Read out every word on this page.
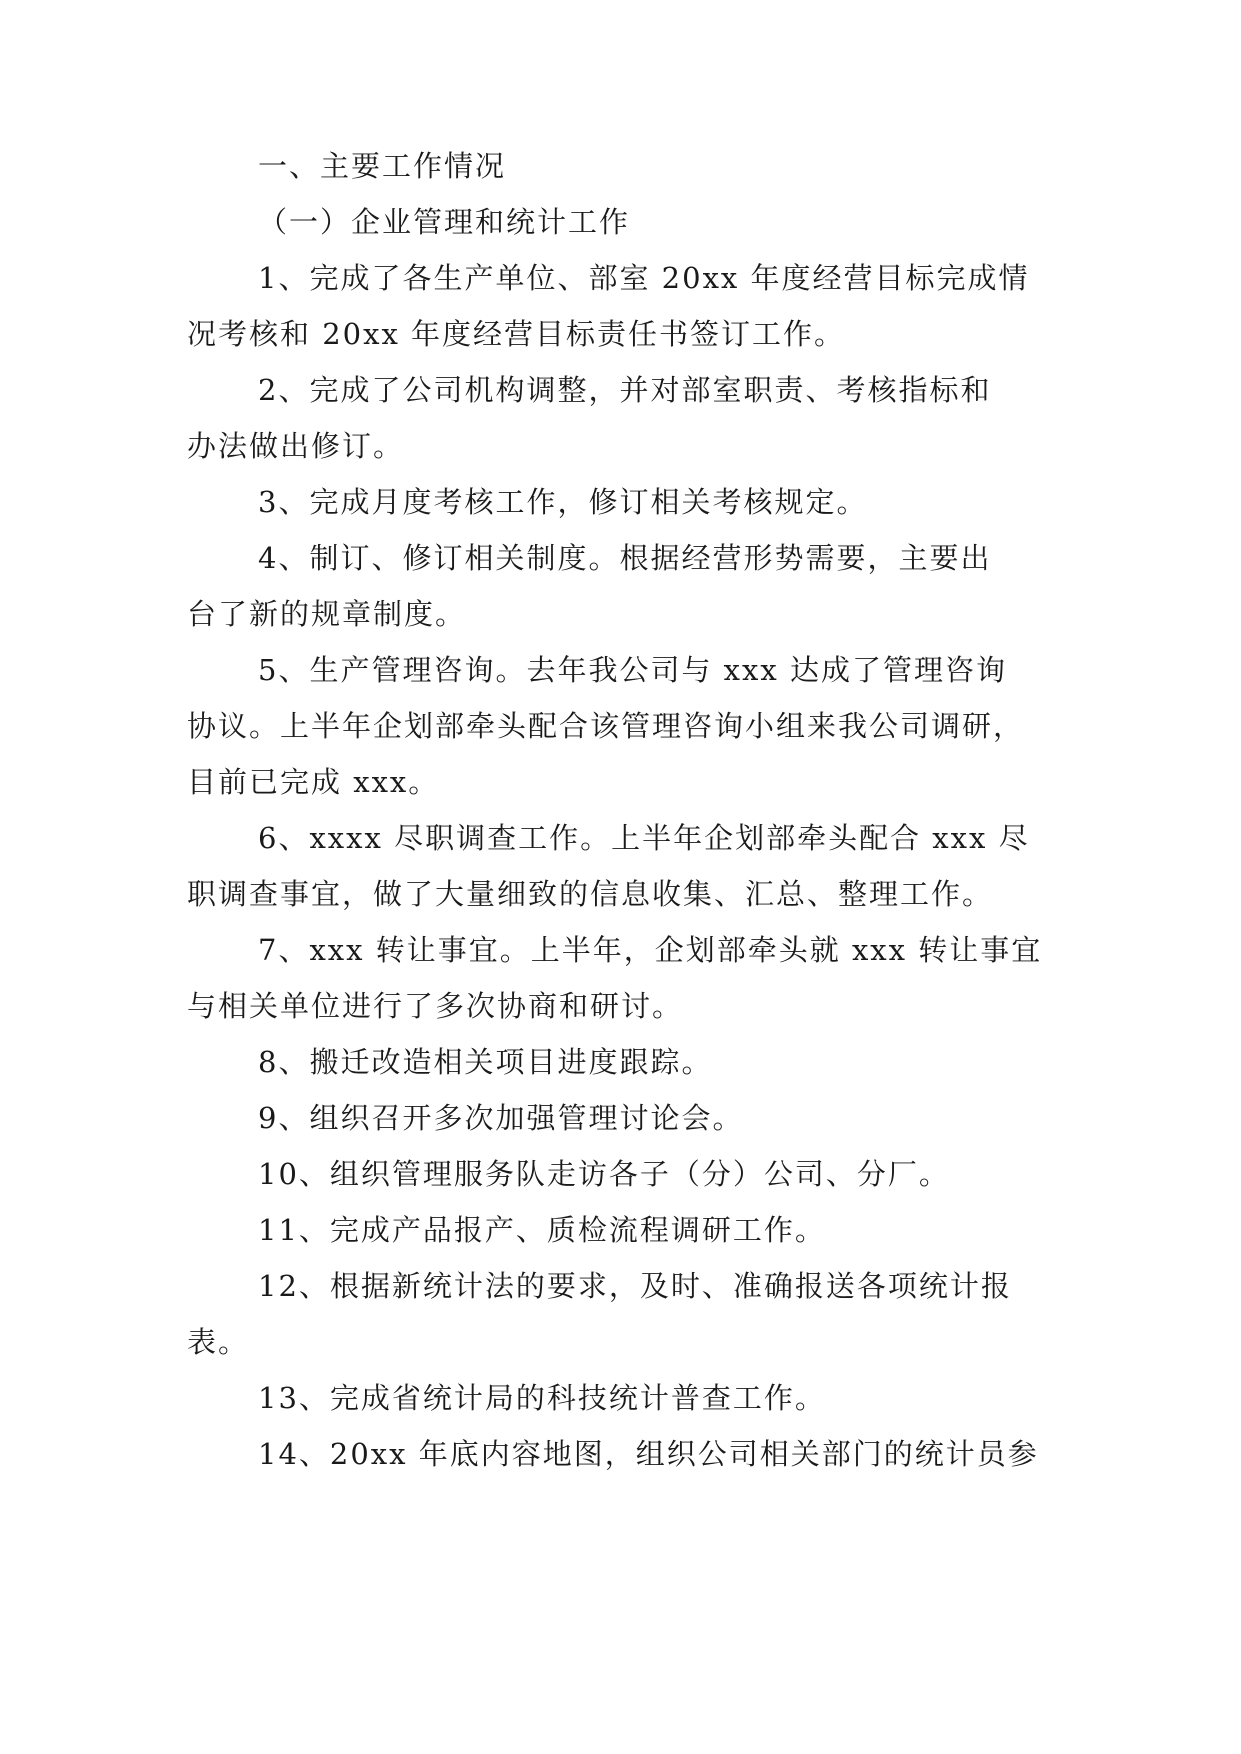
一、主要工作情况
（一）企业管理和统计工作
1、完成了各生产单位、部室 20xx 年度经营目标完成情
况考核和 20xx 年度经营目标责任书签订工作。
2、完成了公司机构调整，并对部室职责、考核指标和
办法做出修订。
3、完成月度考核工作，修订相关考核规定。
4、制订、修订相关制度。根据经营形势需要，主要出
台了新的规章制度。
5、生产管理咨询。去年我公司与 xxx 达成了管理咨询
协议。上半年企划部牵头配合该管理咨询小组来我公司调研，
目前已完成 xxx。
6、xxxx 尽职调查工作。上半年企划部牵头配合 xxx 尽
职调查事宜，做了大量细致的信息收集、汇总、整理工作。
7、xxx 转让事宜。上半年，企划部牵头就 xxx 转让事宜
与相关单位进行了多次协商和研讨。
8、搬迁改造相关项目进度跟踪。
9、组织召开多次加强管理讨论会。
10、组织管理服务队走访各子（分）公司、分厂。
11、完成产品报产、质检流程调研工作。
12、根据新统计法的要求，及时、准确报送各项统计报
表。
13、完成省统计局的科技统计普查工作。
14、20xx 年底内容地图，组织公司相关部门的统计员参
